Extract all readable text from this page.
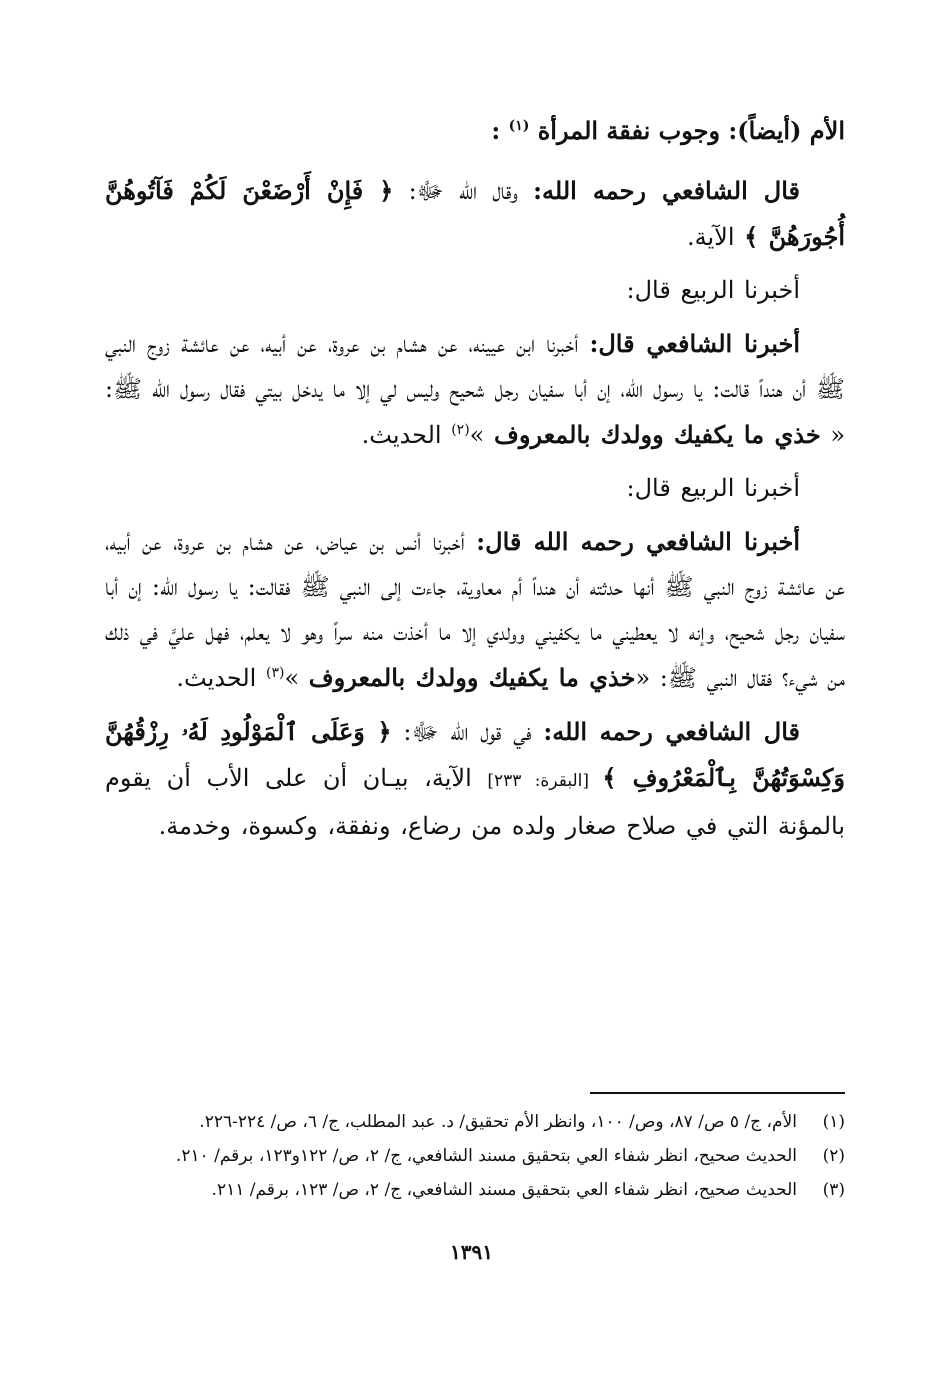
الأم (أيضاً): وجوب نفقة المرأة $^{(١)}$ :

قال الشافعي رحمه الله: وقال الله ﷻ: ﴿ فَإِنْ أَرْضَعْنَ لَكُمْ فَآتُوهُنَّ أُجُورَهُنَّ ﴾ الآية.

أخبرنا الربيع قال:

أخبرنا الشافعي قال: أخبرنا ابن عيينه، عن هشام بن عروة، عن أبيه، عن عائشة زوج النبي ﷺ أن هنداً قالت: يا رسول الله، إن أبا سفيان رجل شحيح وليس لي إلا ما يدخل بيتي فقال رسول الله ﷺ: « خذي ما يكفيك وولدك بالمعروف »$^{(٢)}$ الحديث.

أخبرنا الربيع قال:

أخبرنا الشافعي رحمه الله قال: أخبرنا أنس بن عياض، عن هشام بن عروة، عن أبيه، عن عائشة زوج النبي ﷺ أنها حدثته أن هنداً أم معاوية، جاءت إلى النبي ﷺ فقالت: يا رسول الله: إن أبا سفيان رجل شحيح، وإنه لا يعطيني ما يكفيني وولدي إلا ما أخذت منه سراً وهو لا يعلم، فهل عليَّ في ذلك من شيء؟ فقال النبي ﷺ: «خذي ما يكفيك وولدك بالمعروف »$^{(٣)}$ الحديث.

قال الشافعي رحمه الله: في قول الله ﷻ: ﴿ وَعَلَى ٱلْمَوْلُودِ لَهُۥ رِزْقُهُنَّ وَكِسْوَتُهُنَّ بِٱلْمَعْرُوفِ ﴾ [البقرة: ٢٣٣] الآية، بيـان أن على الأب أن يقوم بالمؤنة التي في صلاح صغار ولده من رضاع، ونفقة، وكسوة، وخدمة.

(١)
الأم، ج/ ٥ ص/ ٨٧، وص/ ١٠٠، وانظر الأم تحقيق/ د. عبد المطلب، ج/ ٦، ص/ ٢٢٤-٢٢٦.
(٢)
الحديث صحيح، انظر شفاء العي بتحقيق مسند الشافعي، ج/ ٢، ص/ ١٢٢و١٢٣، برقم/ ٢١٠.
(٣)
الحديث صحيح، انظر شفاء العي بتحقيق مسند الشافعي، ج/ ٢، ص/ ١٢٣، برقم/ ٢١١.
١٣٩١
